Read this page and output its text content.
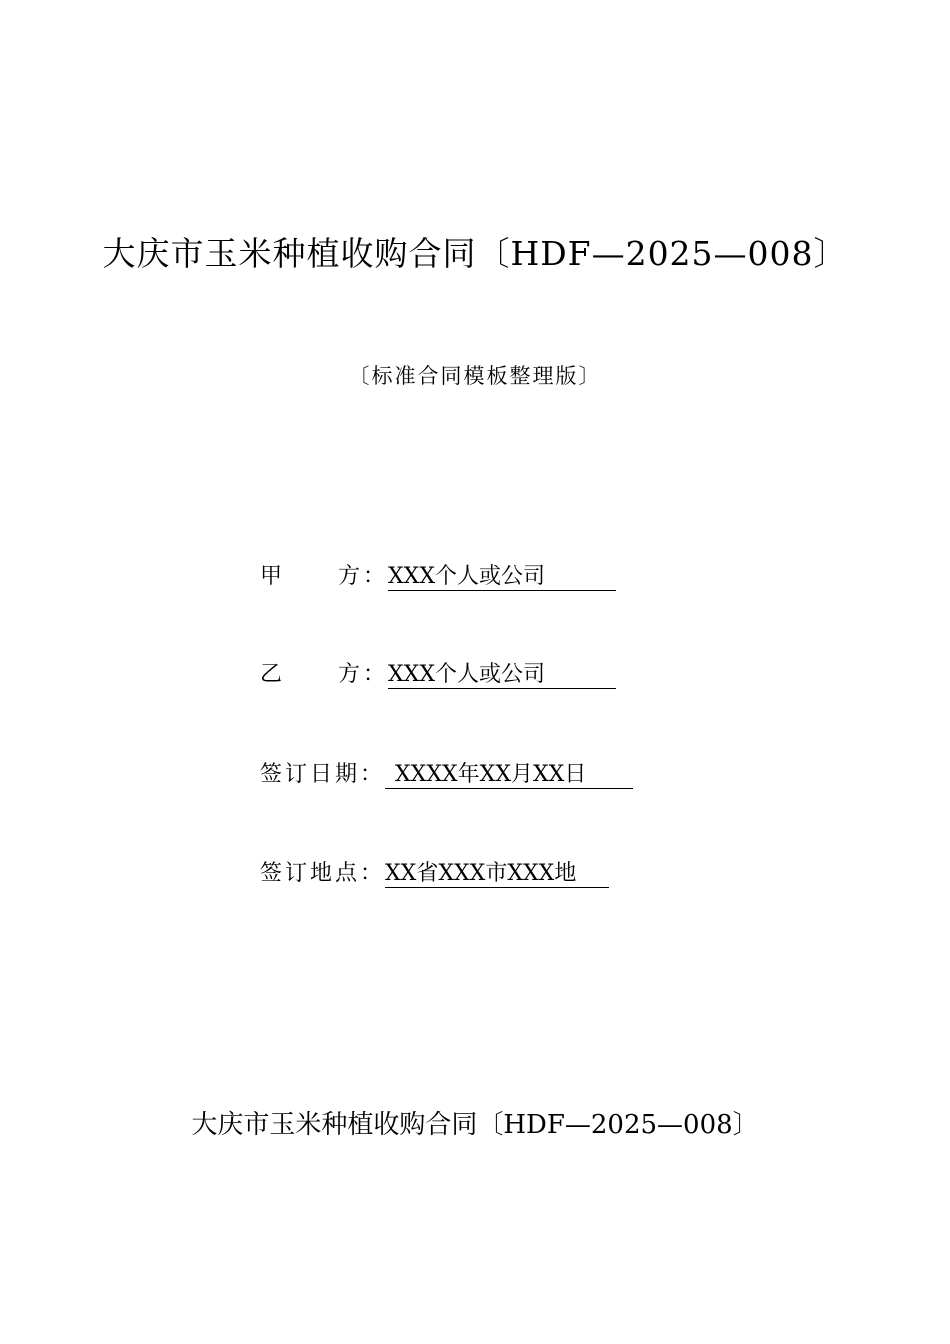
大庆市玉米种植收购合同〔HDF—2025—008〕
〔标准合同模板整理版〕
甲 方：XXX个人或公司
乙 方：XXX个人或公司
签订日期： XXXX年XX月XX日
签订地点：XX省XXX市XXX地
大庆市玉米种植收购合同〔HDF—2025—008〕
